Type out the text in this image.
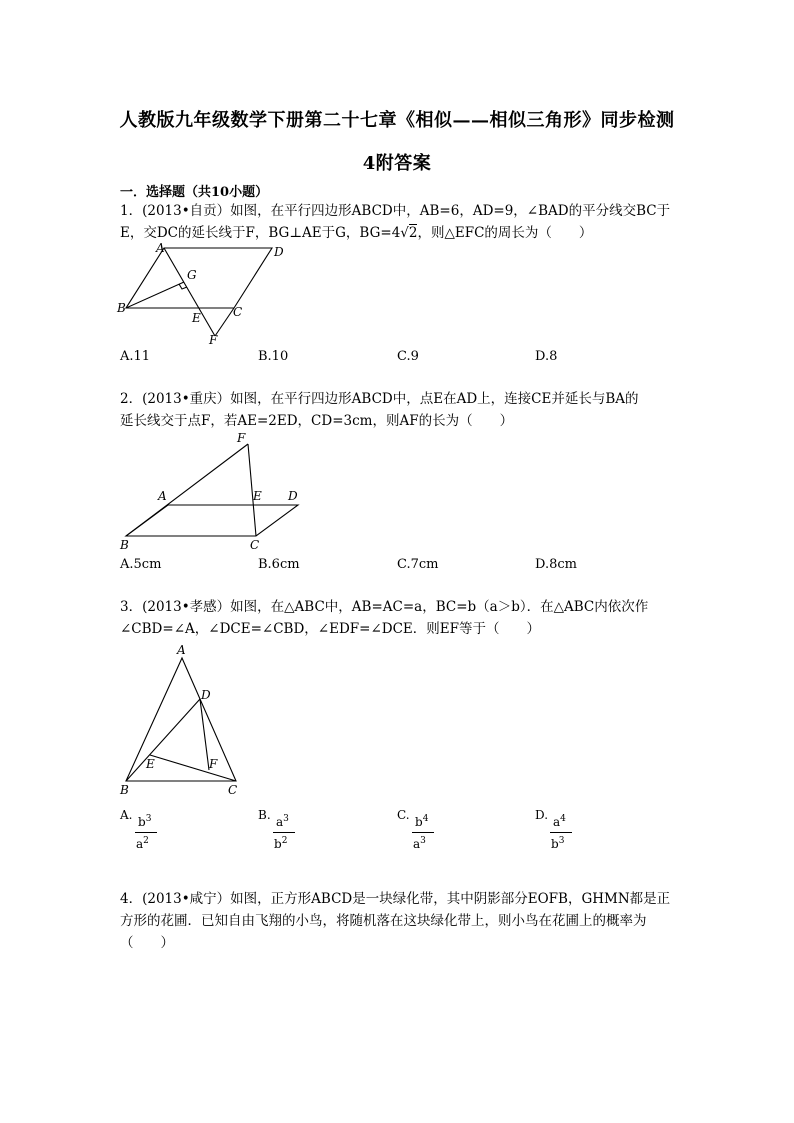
人教版九年级数学下册第二十七章《相似——相似三角形》同步检测
4附答案
一．选择题（共10小题）
1．(2013•自贡）如图，在平行四边形ABCD中，AB=6，AD=9，∠BAD的平分线交BC于
E，交DC的延长线于F，BG⊥AE于G，BG=4√2，则△EFC的周长为（　　）
A	D
B	C
E
G
F
A.11	B.10	C.9	D.8
2．(2013•重庆）如图，在平行四边形ABCD中，点E在AD上，连接CE并延长与BA的
延长线交于点F，若AE=2ED，CD=3cm，则AF的长为（　　）
F
A	E D
B	C
A.5cm	B.6cm	C.7cm	D.8cm
3．(2013•孝感）如图，在△ABC中，AB=AC=a，BC=b（a＞b）．在△ABC内依次作
∠CBD=∠A，∠DCE=∠CBD，∠EDF=∠DCE．则EF等于（　　）
A
D
E	F
B	C
A. $b^3$
$a^2$
B. $a^3$
$b^2$
C. $b^4$
$a^3$
D. $a^4$
$b^3$
4．(2013•咸宁）如图，正方形ABCD是一块绿化带，其中阴影部分EOFB，GHMN都是正
方形的花圃．已知自由飞翔的小鸟，将随机落在这块绿化带上，则小鸟在花圃上的概率为
（　　）
